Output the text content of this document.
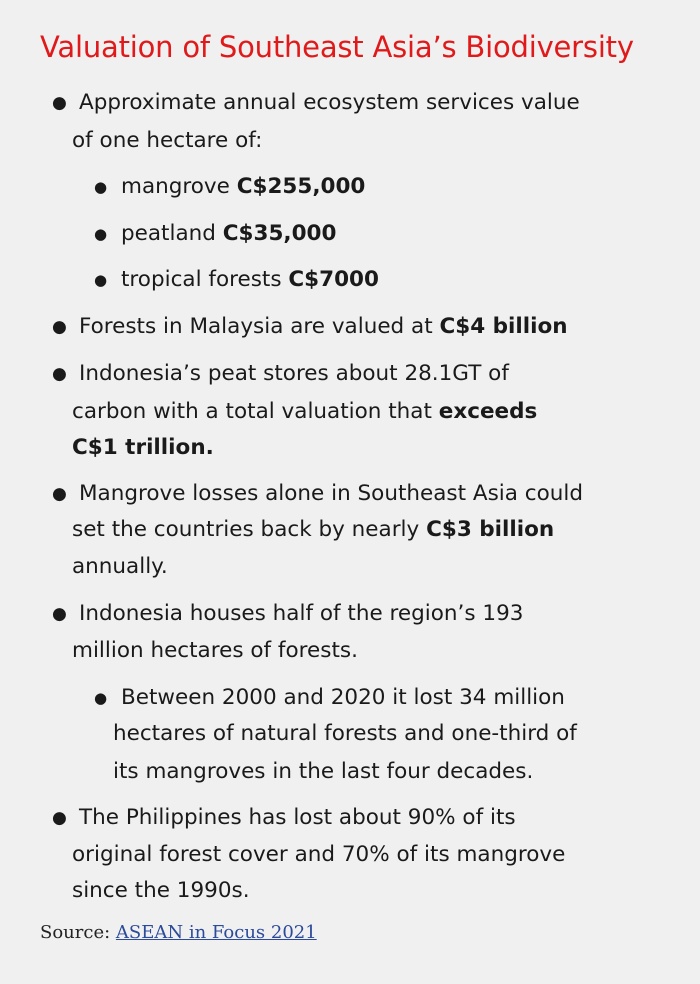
Valuation of Southeast Asia’s Biodiversity
● Approximate annual ecosystem services value
of one hectare of:
● mangrove C$255,000
● peatland C$35,000
● tropical forests C$7000
● Forests in Malaysia are valued at C$4 billion
● Indonesia’s peat stores about 28.1GT of
carbon with a total valuation that exceeds
C$1 trillion.
● Mangrove losses alone in Southeast Asia could
set the countries back by nearly C$3 billion
annually.
● Indonesia houses half of the region’s 193
million hectares of forests.
● Between 2000 and 2020 it lost 34 million
hectares of natural forests and one-third of
its mangroves in the last four decades.
● The Philippines has lost about 90% of its
original forest cover and 70% of its mangrove
since the 1990s.
Source: ASEAN in Focus 2021
